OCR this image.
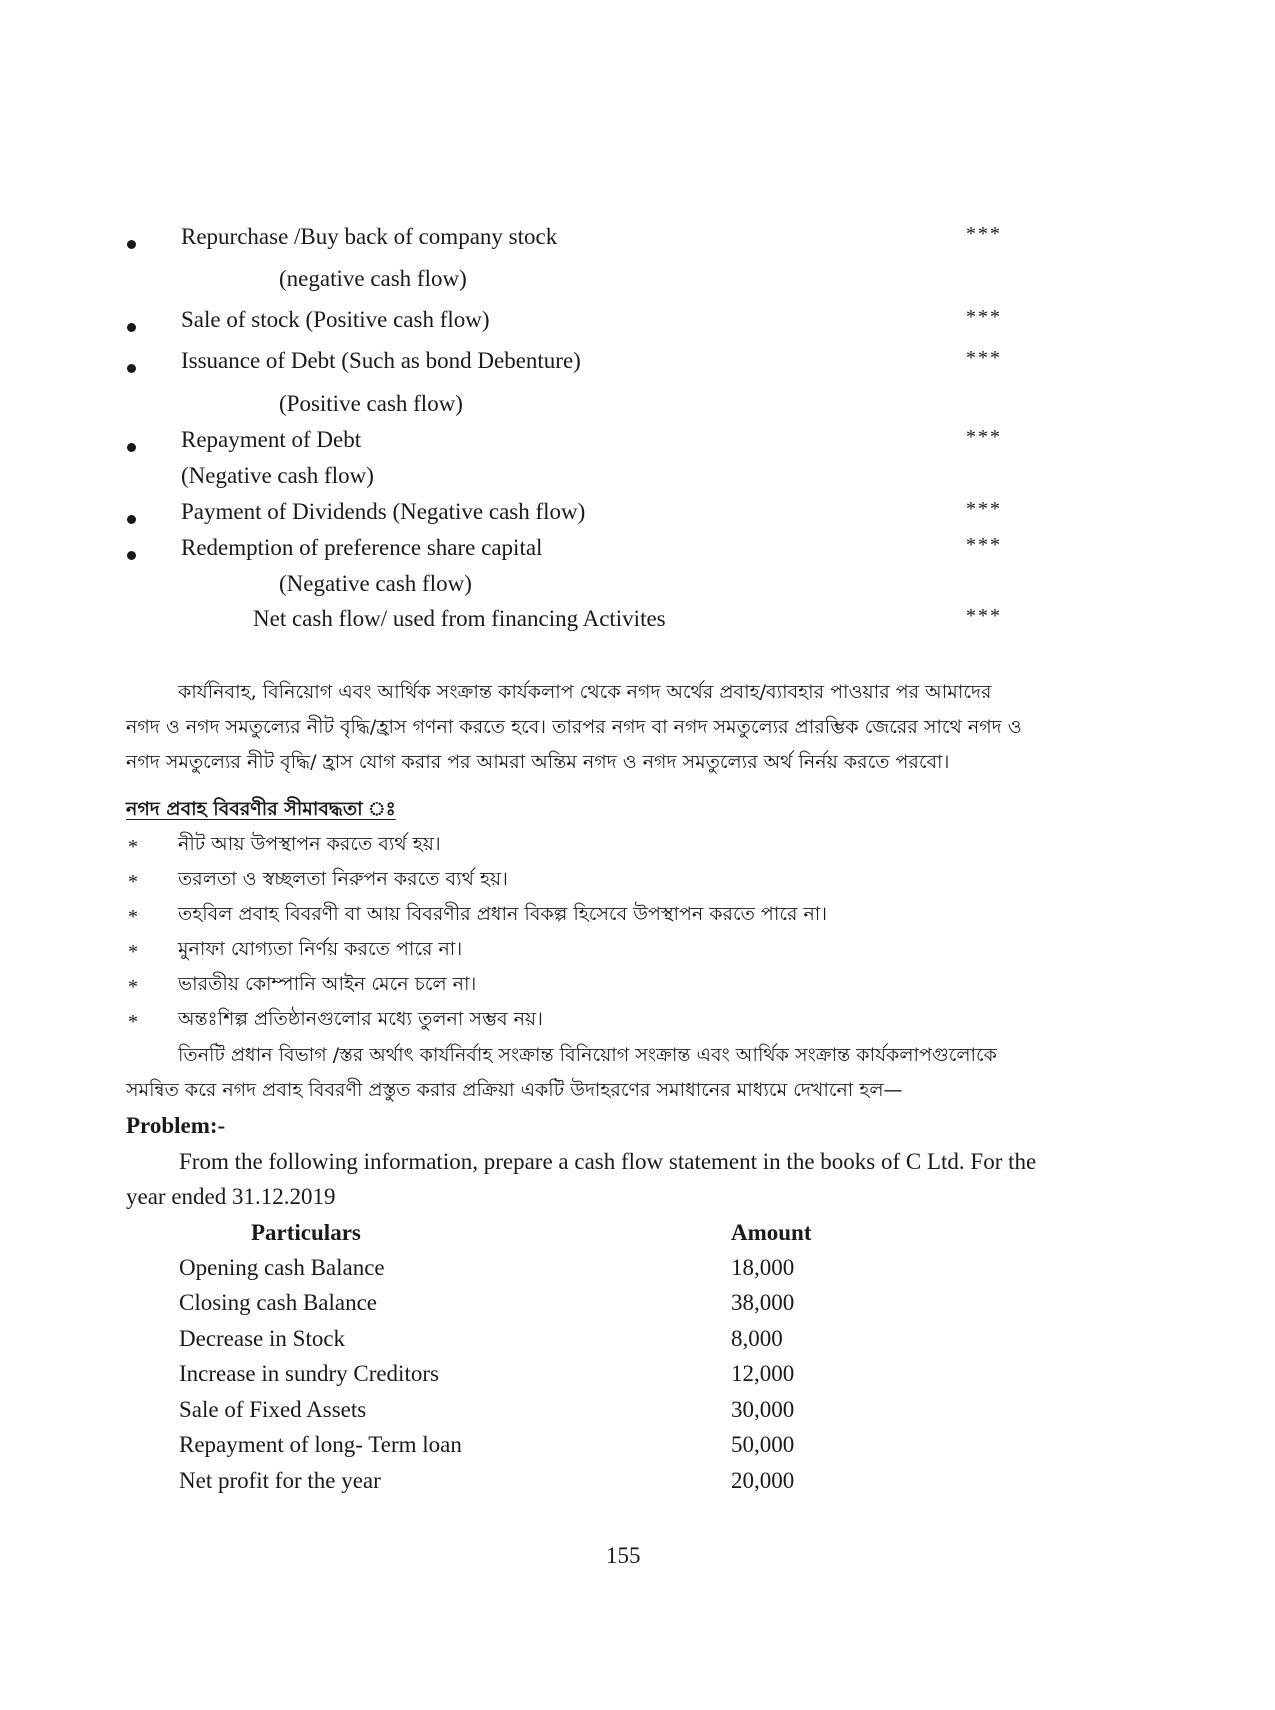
Repurchase /Buy back of company stock	***
(negative cash flow)
Sale of stock (Positive cash flow)	***
Issuance of Debt (Such as bond Debenture)	***
(Positive cash flow)
Repayment of Debt	***
(Negative cash flow)
Payment of Dividends (Negative cash flow)	***
Redemption of preference share capital	***
(Negative cash flow)
Net cash flow/ used from financing Activites	***
কার্যনিবাহ, বিনিয়োগ এবং আর্থিক সংক্রান্ত কার্যকলাপ থেকে নগদ অর্থের প্রবাহ/ব্যাবহার পাওয়ার পর আমাদের
নগদ ও নগদ সমতুল্যের নীট বৃদ্ধি/হ্রাস গণনা করতে হবে। তারপর নগদ বা নগদ সমতুল্যের প্রারম্ভিক জেরের সাথে নগদ ও
নগদ সমতুল্যের নীট বৃদ্ধি/ হ্রাস যোগ করার পর আমরা অন্তিম নগদ ও নগদ সমতুল্যের অর্থ নির্নয় করতে পরবো।
নগদ প্রবাহ বিবরণীর সীমাবদ্ধতা ঃ
* নীট আয় উপস্থাপন করতে ব্যর্থ হয়।
* তরলতা ও স্বচ্ছলতা নিরুপন করতে ব্যর্থ হয়।
* তহবিল প্রবাহ বিবরণী বা আয় বিবরণীর প্রধান বিকল্প হিসেবে উপস্থাপন করতে পারে না।
* মুনাফা যোগ্যতা নির্ণয় করতে পারে না।
* ভারতীয় কোম্পানি আইন মেনে চলে না।
* অন্তঃশিল্প প্রতিষ্ঠানগুলোর মধ্যে তুলনা সম্ভব নয়।
তিনটি প্রধান বিভাগ /স্তর অর্থাৎ কার্যনির্বাহ সংক্রান্ত বিনিয়োগ সংক্রান্ত এবং আর্থিক সংক্রান্ত কার্যকলাপগুলোকে
সমন্বিত করে নগদ প্রবাহ বিবরণী প্রস্তুত করার প্রক্রিয়া একটি উদাহরণের সমাধানের মাধ্যমে দেখানো হল—
Problem:-
From the following information, prepare a cash flow statement in the books of C Ltd. For the
year ended 31.12.2019
Particulars	Amount
Opening cash Balance	18,000
Closing cash Balance	38,000
Decrease in Stock	8,000
Increase in sundry Creditors	12,000
Sale of Fixed Assets	30,000
Repayment of long- Term loan	50,000
Net profit for the year	20,000
155
